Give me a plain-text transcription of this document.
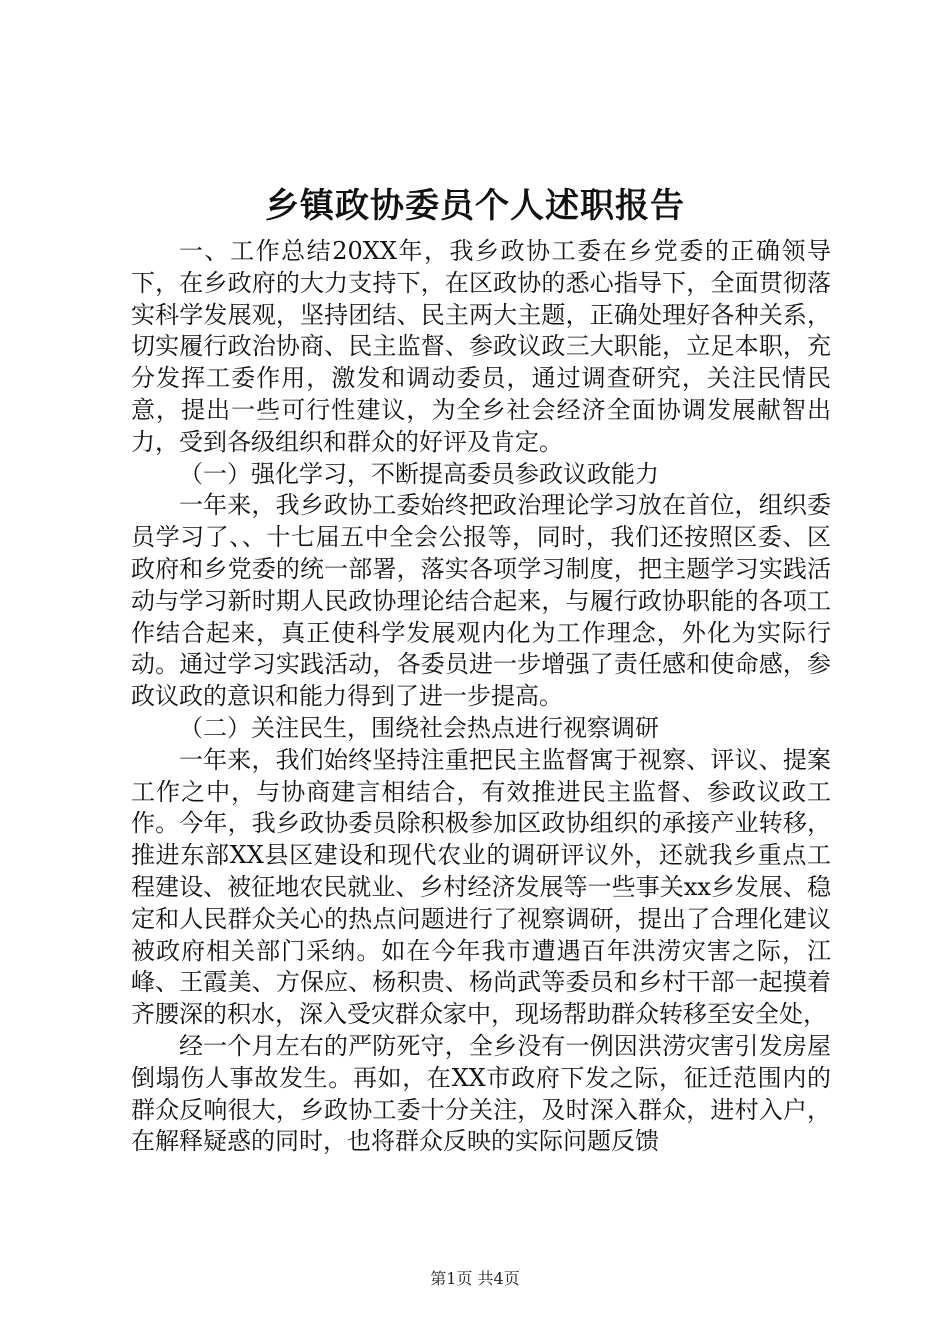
乡镇政协委员个人述职报告

一、工作总结20XX年，我乡政协工委在乡党委的正确领导下，在乡政府的大力支持下，在区政协的悉心指导下，全面贯彻落实科学发展观，坚持团结、民主两大主题，正确处理好各种关系，切实履行政治协商、民主监督、参政议政三大职能，立足本职，充分发挥工委作用，激发和调动委员，通过调查研究，关注民情民意，提出一些可行性建议，为全乡社会经济全面协调发展献智出力，受到各级组织和群众的好评及肯定。

（一）强化学习，不断提高委员参政议政能力

一年来，我乡政协工委始终把政治理论学习放在首位，组织委员学习了、、十七届五中全会公报等，同时，我们还按照区委、区政府和乡党委的统一部署，落实各项学习制度，把主题学习实践活动与学习新时期人民政协理论结合起来，与履行政协职能的各项工作结合起来，真正使科学发展观内化为工作理念，外化为实际行动。通过学习实践活动，各委员进一步增强了责任感和使命感，参政议政的意识和能力得到了进一步提高。

（二）关注民生，围绕社会热点进行视察调研

一年来，我们始终坚持注重把民主监督寓于视察、评议、提案工作之中，与协商建言相结合，有效推进民主监督、参政议政工作。今年，我乡政协委员除积极参加区政协组织的承接产业转移，推进东部XX县区建设和现代农业的调研评议外，还就我乡重点工程建设、被征地农民就业、乡村经济发展等一些事关xx乡发展、稳定和人民群众关心的热点问题进行了视察调研，提出了合理化建议被政府相关部门采纳。如在今年我市遭遇百年洪涝灾害之际，江峰、王霞美、方保应、杨积贵、杨尚武等委员和乡村干部一起摸着齐腰深的积水，深入受灾群众家中，现场帮助群众转移至安全处，

经一个月左右的严防死守，全乡没有一例因洪涝灾害引发房屋倒塌伤人事故发生。再如，在XX市政府下发之际，征迁范围内的群众反响很大，乡政协工委十分关注，及时深入群众，进村入户，在解释疑惑的同时，也将群众反映的实际问题反馈

第1页 共4页
